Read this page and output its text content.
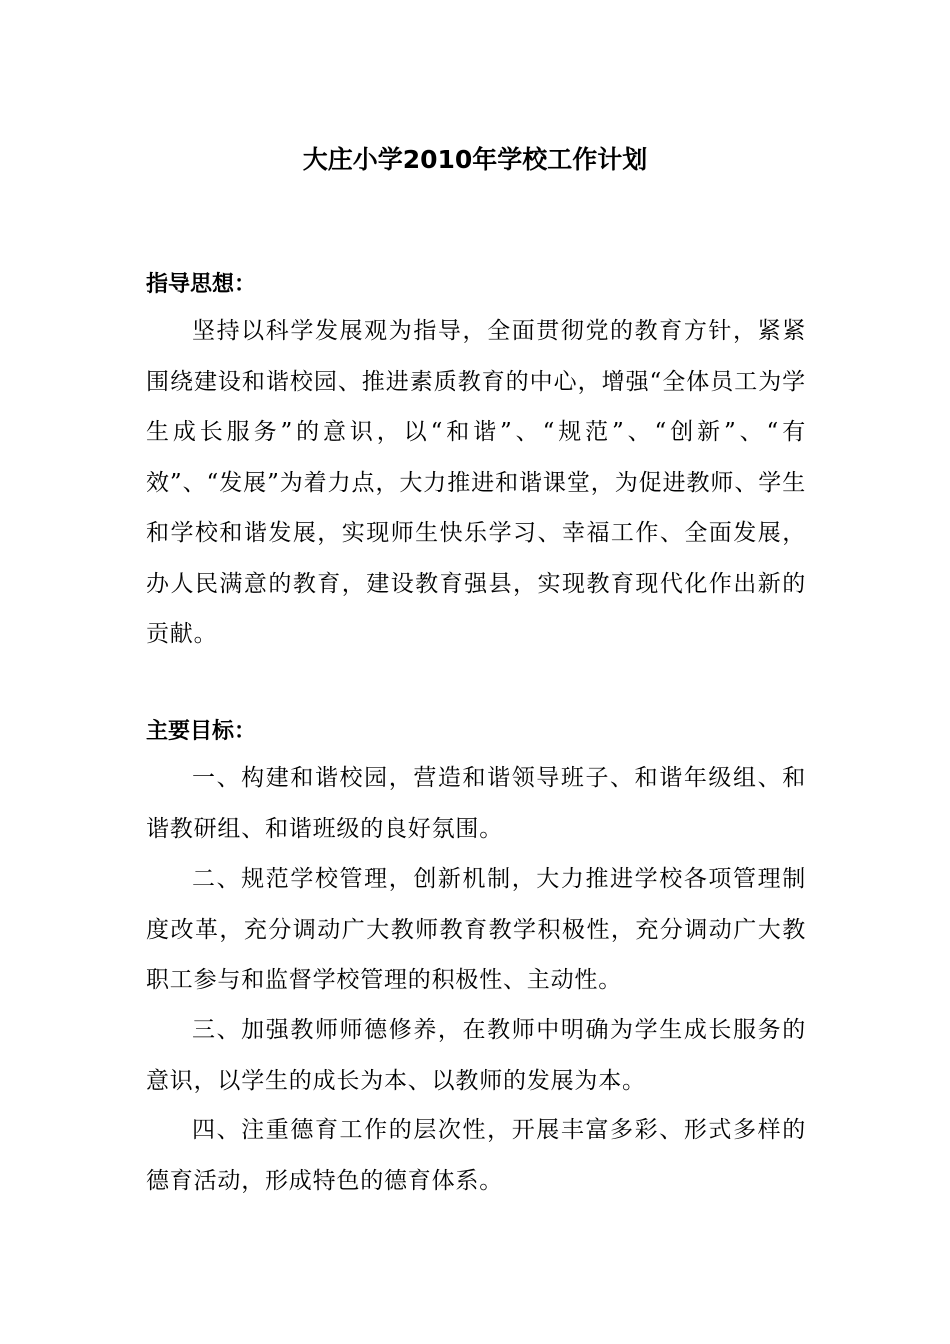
大庄小学2010年学校工作计划
指导思想：
坚持以科学发展观为指导，全面贯彻党的教育方针，紧紧围绕建设和谐校园、推进素质教育的中心，增强“全体员工为学生成长服务”的意识，以“和谐”、“规范”、“创新”、“有效”、“发展”为着力点，大力推进和谐课堂，为促进教师、学生和学校和谐发展，实现师生快乐学习、幸福工作、全面发展，办人民满意的教育，建设教育强县，实现教育现代化作出新的贡献。
主要目标：
一、构建和谐校园，营造和谐领导班子、和谐年级组、和谐教研组、和谐班级的良好氛围。
二、规范学校管理，创新机制，大力推进学校各项管理制度改革，充分调动广大教师教育教学积极性，充分调动广大教职工参与和监督学校管理的积极性、主动性。
三、加强教师师德修养，在教师中明确为学生成长服务的意识，以学生的成长为本、以教师的发展为本。
四、注重德育工作的层次性，开展丰富多彩、形式多样的德育活动，形成特色的德育体系。
